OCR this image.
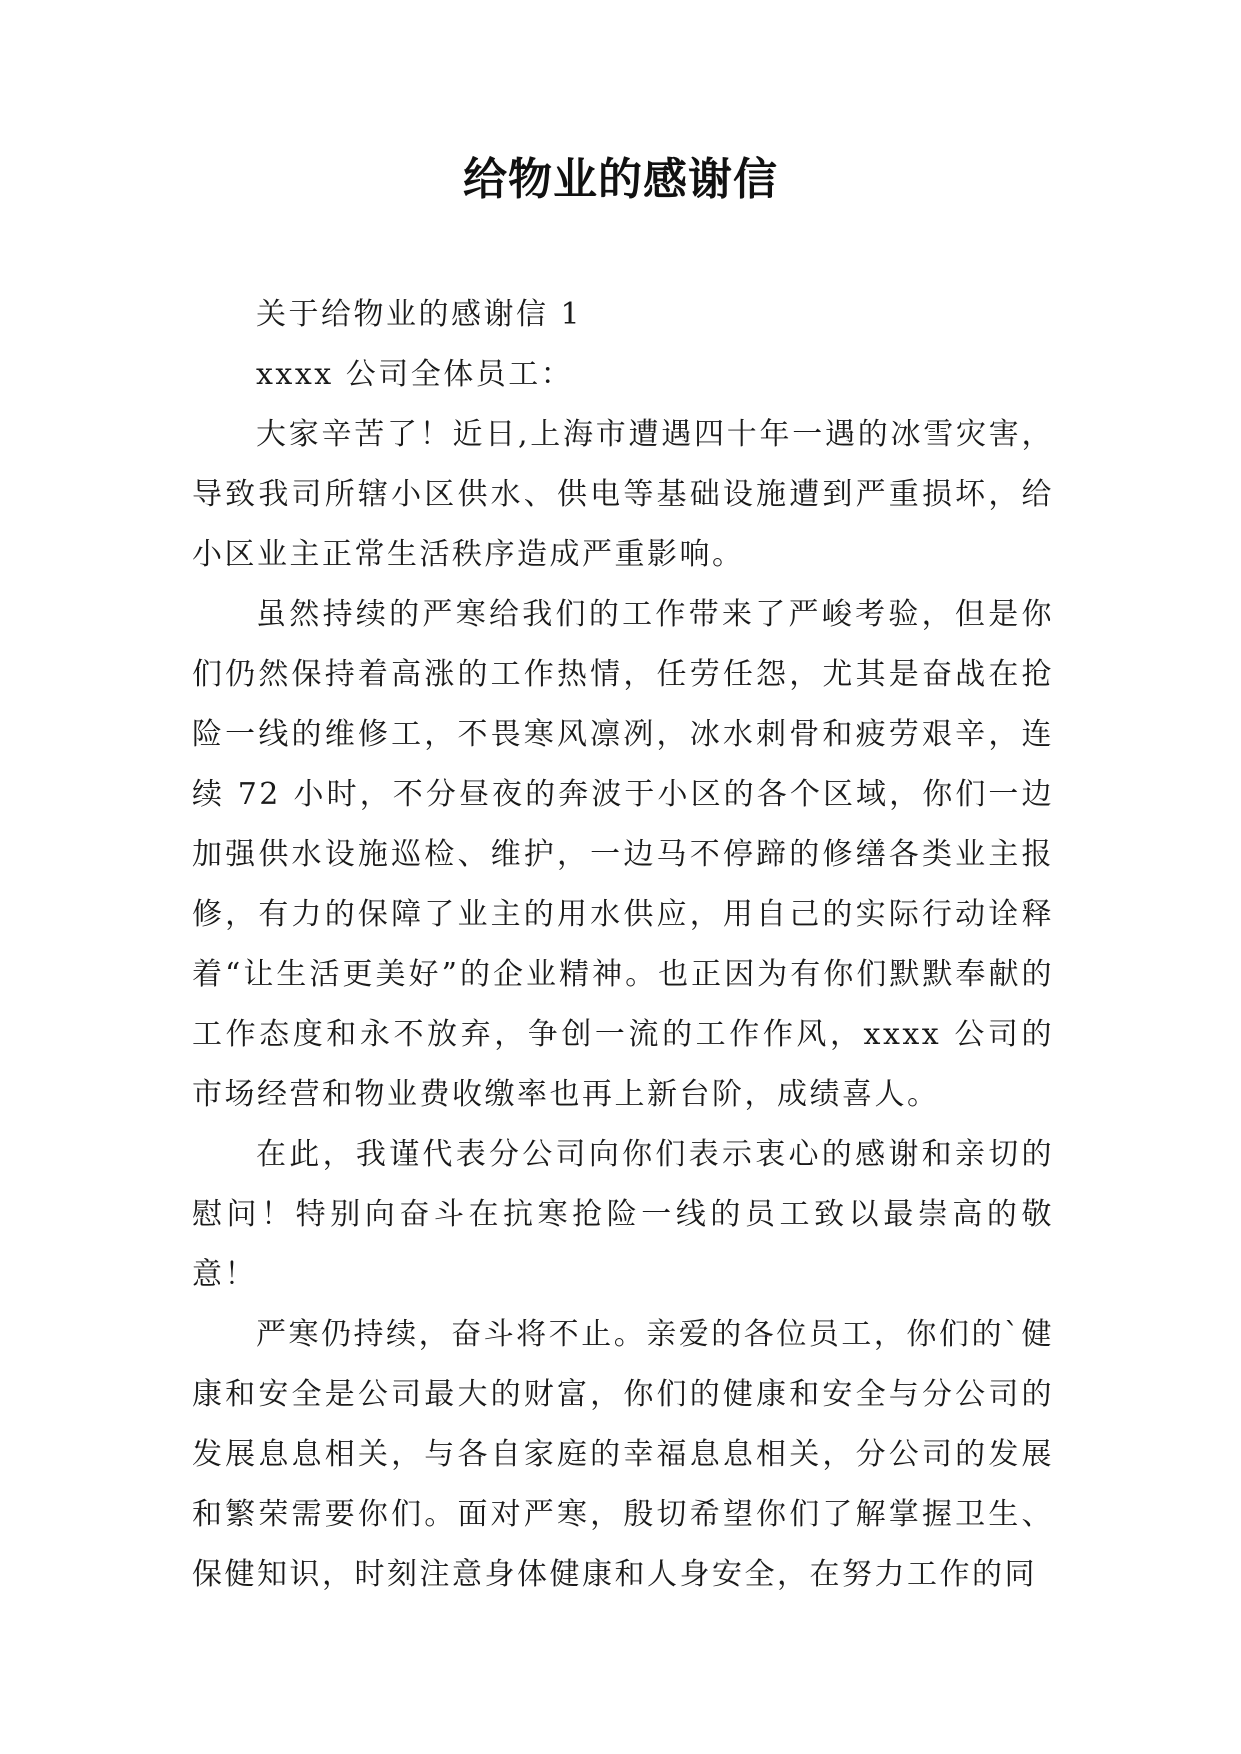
给物业的感谢信

关于给物业的感谢信 1

xxxx 公司全体员工：

大家辛苦了！近日,上海市遭遇四十年一遇的冰雪灾害，导致我司所辖小区供水、供电等基础设施遭到严重损坏，给小区业主正常生活秩序造成严重影响。

虽然持续的严寒给我们的工作带来了严峻考验，但是你们仍然保持着高涨的工作热情，任劳任怨，尤其是奋战在抢险一线的维修工，不畏寒风凛冽，冰水刺骨和疲劳艰辛，连续 72 小时，不分昼夜的奔波于小区的各个区域，你们一边加强供水设施巡检、维护，一边马不停蹄的修缮各类业主报修，有力的保障了业主的用水供应，用自己的实际行动诠释着“让生活更美好”的企业精神。也正因为有你们默默奉献的工作态度和永不放弃，争创一流的工作作风，xxxx 公司的市场经营和物业费收缴率也再上新台阶，成绩喜人。

在此，我谨代表分公司向你们表示衷心的感谢和亲切的慰问！特别向奋斗在抗寒抢险一线的员工致以最崇高的敬意！

严寒仍持续，奋斗将不止。亲爱的各位员工，你们的`健康和安全是公司最大的财富，你们的健康和安全与分公司的发展息息相关，与各自家庭的幸福息息相关，分公司的发展和繁荣需要你们。面对严寒，殷切希望你们了解掌握卫生、保健知识，时刻注意身体健康和人身安全，在努力工作的同
